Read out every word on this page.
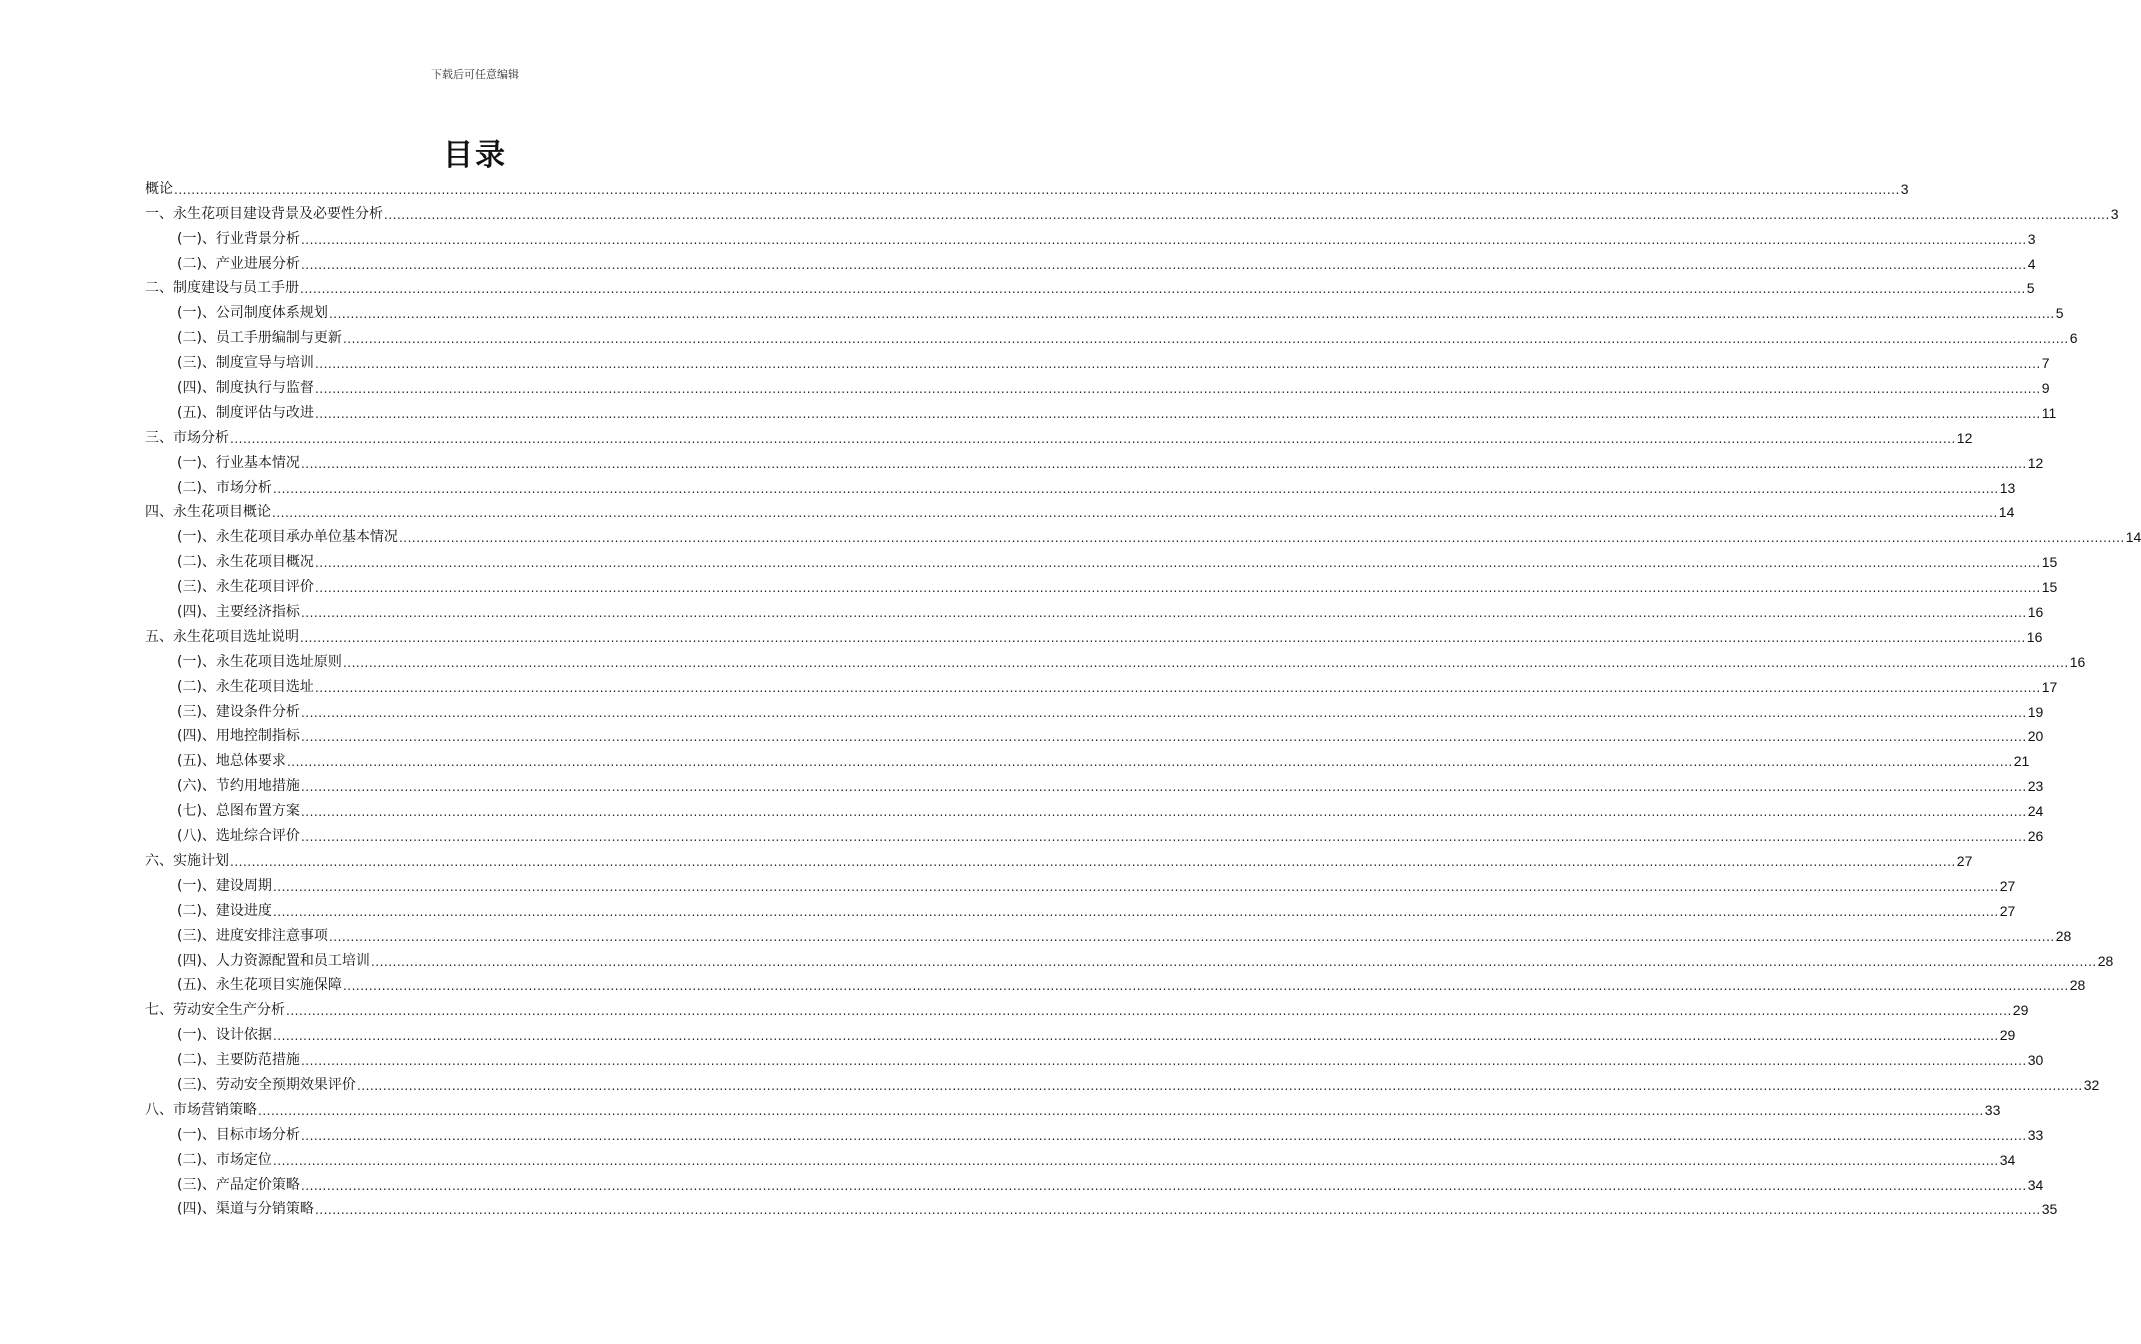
下载后可任意编辑
目录
概论 ................................................................................................................................................................................................................................................................................................................................................................................................................ 3
一、永生花项目建设背景及必要性分析 ................................................................................................................................................................................................................................................................................................................................................................................................................ 3
(一)、行业背景分析 ................................................................................................................................................................................................................................................................................................................................................................................................................ 3
(二)、产业进展分析 ................................................................................................................................................................................................................................................................................................................................................................................................................ 4
二、制度建设与员工手册 ................................................................................................................................................................................................................................................................................................................................................................................................................ 5
(一)、公司制度体系规划 ................................................................................................................................................................................................................................................................................................................................................................................................................ 5
(二)、员工手册编制与更新 ................................................................................................................................................................................................................................................................................................................................................................................................................ 6
(三)、制度宣导与培训 ................................................................................................................................................................................................................................................................................................................................................................................................................ 7
(四)、制度执行与监督 ................................................................................................................................................................................................................................................................................................................................................................................................................ 9
(五)、制度评估与改进 ................................................................................................................................................................................................................................................................................................................................................................................................................ 11
三、市场分析 ................................................................................................................................................................................................................................................................................................................................................................................................................ 12
(一)、行业基本情况 ................................................................................................................................................................................................................................................................................................................................................................................................................ 12
(二)、市场分析 ................................................................................................................................................................................................................................................................................................................................................................................................................ 13
四、永生花项目概论 ................................................................................................................................................................................................................................................................................................................................................................................................................ 14
(一)、永生花项目承办单位基本情况 ................................................................................................................................................................................................................................................................................................................................................................................................................ 14
(二)、永生花项目概况 ................................................................................................................................................................................................................................................................................................................................................................................................................ 15
(三)、永生花项目评价 ................................................................................................................................................................................................................................................................................................................................................................................................................ 15
(四)、主要经济指标 ................................................................................................................................................................................................................................................................................................................................................................................................................ 16
五、永生花项目选址说明 ................................................................................................................................................................................................................................................................................................................................................................................................................ 16
(一)、永生花项目选址原则 ................................................................................................................................................................................................................................................................................................................................................................................................................ 16
(二)、永生花项目选址 ................................................................................................................................................................................................................................................................................................................................................................................................................ 17
(三)、建设条件分析 ................................................................................................................................................................................................................................................................................................................................................................................................................ 19
(四)、用地控制指标 ................................................................................................................................................................................................................................................................................................................................................................................................................ 20
(五)、地总体要求 ................................................................................................................................................................................................................................................................................................................................................................................................................ 21
(六)、节约用地措施 ................................................................................................................................................................................................................................................................................................................................................................................................................ 23
(七)、总图布置方案 ................................................................................................................................................................................................................................................................................................................................................................................................................ 24
(八)、选址综合评价 ................................................................................................................................................................................................................................................................................................................................................................................................................ 26
六、实施计划 ................................................................................................................................................................................................................................................................................................................................................................................................................ 27
(一)、建设周期 ................................................................................................................................................................................................................................................................................................................................................................................................................ 27
(二)、建设进度 ................................................................................................................................................................................................................................................................................................................................................................................................................ 27
(三)、进度安排注意事项 ................................................................................................................................................................................................................................................................................................................................................................................................................ 28
(四)、人力资源配置和员工培训 ................................................................................................................................................................................................................................................................................................................................................................................................................ 28
(五)、永生花项目实施保障 ................................................................................................................................................................................................................................................................................................................................................................................................................ 28
七、劳动安全生产分析 ................................................................................................................................................................................................................................................................................................................................................................................................................ 29
(一)、设计依据 ................................................................................................................................................................................................................................................................................................................................................................................................................ 29
(二)、主要防范措施 ................................................................................................................................................................................................................................................................................................................................................................................................................ 30
(三)、劳动安全预期效果评价 ................................................................................................................................................................................................................................................................................................................................................................................................................ 32
八、市场营销策略 ................................................................................................................................................................................................................................................................................................................................................................................................................ 33
(一)、目标市场分析 ................................................................................................................................................................................................................................................................................................................................................................................................................ 33
(二)、市场定位 ................................................................................................................................................................................................................................................................................................................................................................................................................ 34
(三)、产品定价策略 ................................................................................................................................................................................................................................................................................................................................................................................................................ 34
(四)、渠道与分销策略 ................................................................................................................................................................................................................................................................................................................................................................................................................ 35
